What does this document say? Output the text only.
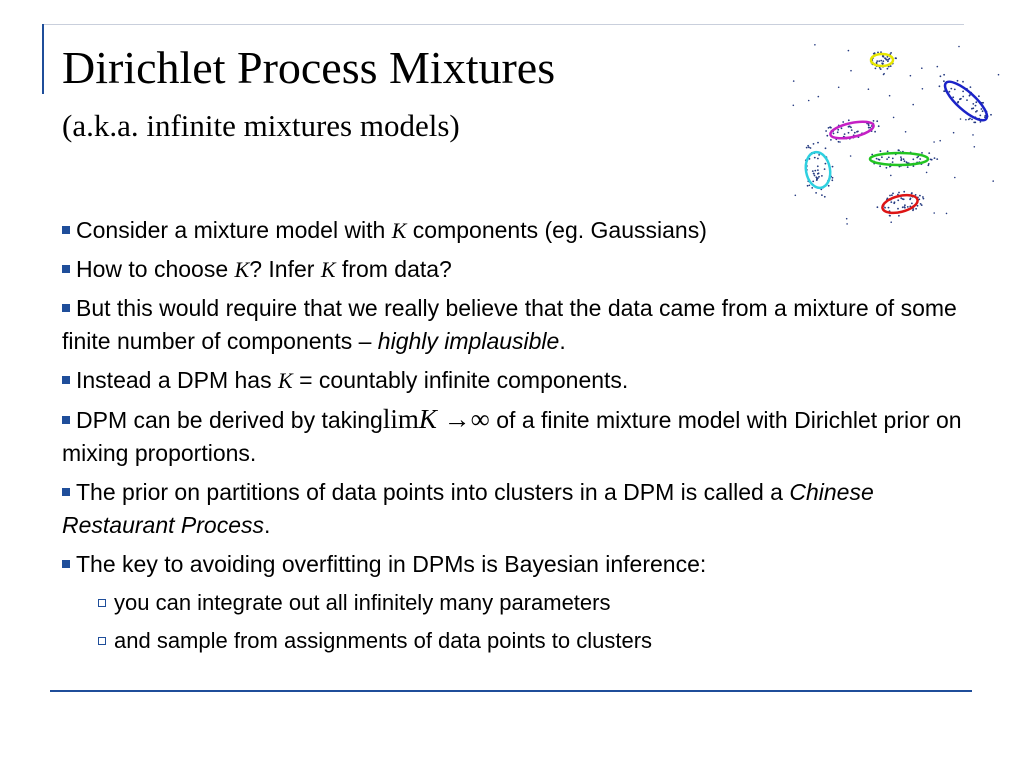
Dirichlet Process Mixtures
(a.k.a. infinite mixtures models)
Consider a mixture model with K components (eg. Gaussians)
How to choose K? Infer K from data?
But this would require that we really believe that the data came from a mixture of some finite number of components – highly implausible.
Instead a DPM has K = countably infinite components.
DPM can be derived by takinglimK →∞ of a finite mixture model with Dirichlet prior on mixing proportions.
The prior on partitions of data points into clusters in a DPM is called a Chinese Restaurant Process.
The key to avoiding overfitting in DPMs is Bayesian inference:
you can integrate out all infinitely many parameters
and sample from assignments of data points to clusters
